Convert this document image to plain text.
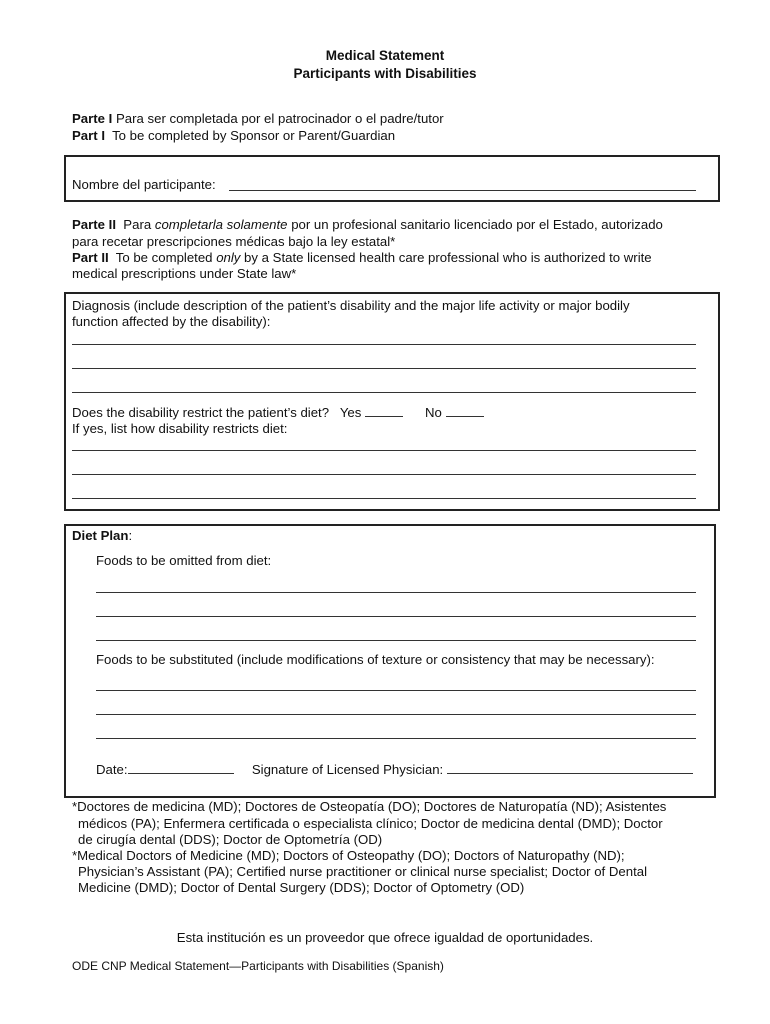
Medical Statement
Participants with Disabilities
Parte I Para ser completada por el patrocinador o el padre/tutor
Part I  To be completed by Sponsor or Parent/Guardian
Nombre del participante:
Parte II  Para completarla solamente por un profesional sanitario licenciado por el Estado, autorizado
para recetar prescripciones médicas bajo la ley estatal*
Part II  To be completed only by a State licensed health care professional who is authorized to write
medical prescriptions under State law*
Diagnosis (include description of the patient’s disability and the major life activity or major bodily
function affected by the disability):
Does the disability restrict the patient’s diet? Yes	No
If yes, list how disability restricts diet:
Diet Plan:
Foods to be omitted from diet:
Foods to be substituted (include modifications of texture or consistency that may be necessary):
Date:	Signature of Licensed Physician:
*Doctores de medicina (MD); Doctores de Osteopatía (DO); Doctores de Naturopatía (ND); Asistentes
médicos (PA); Enfermera certificada o especialista clínico; Doctor de medicina dental (DMD); Doctor
de cirugía dental (DDS); Doctor de Optometría (OD)
*Medical Doctors of Medicine (MD); Doctors of Osteopathy (DO); Doctors of Naturopathy (ND);
Physician’s Assistant (PA); Certified nurse practitioner or clinical nurse specialist; Doctor of Dental
Medicine (DMD); Doctor of Dental Surgery (DDS); Doctor of Optometry (OD)
Esta institución es un proveedor que ofrece igualdad de oportunidades.
ODE CNP Medical Statement—Participants with Disabilities (Spanish)
